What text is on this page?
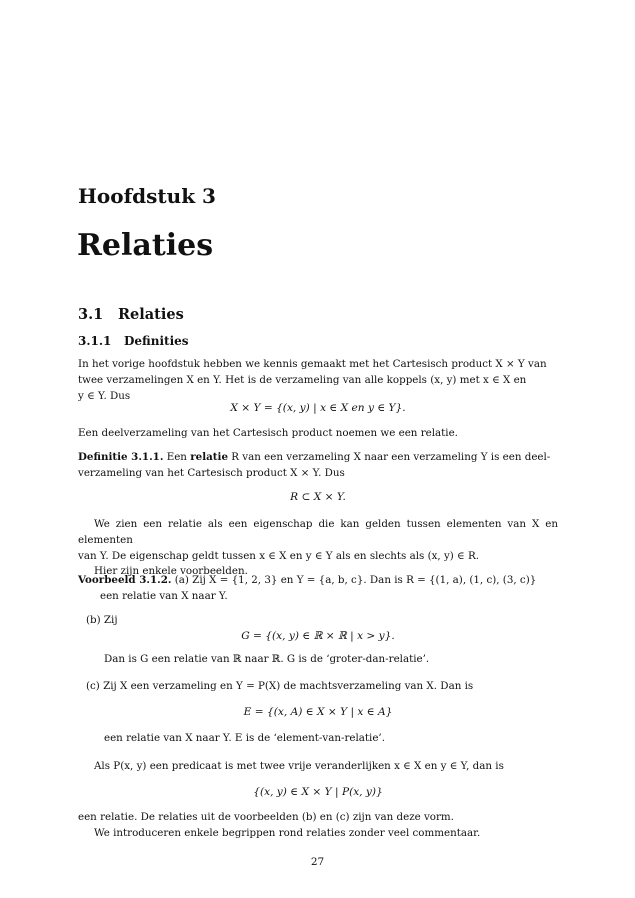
Hoofdstuk 3
Relaties
3.1 Relaties
3.1.1 Definities
In het vorige hoofdstuk hebben we kennis gemaakt met het Cartesisch product X × Y van
twee verzamelingen X en Y. Het is de verzameling van alle koppels (x, y) met x ∈ X en
y ∈ Y. Dus
X × Y = {(x, y) | x ∈ X en y ∈ Y}.
Een deelverzameling van het Cartesisch product noemen we een relatie.
Definitie 3.1.1. Een relatie R van een verzameling X naar een verzameling Y is een deel-
verzameling van het Cartesisch product X × Y. Dus
R ⊂ X × Y.
We zien een relatie als een eigenschap die kan gelden tussen elementen van X en elementen
van Y. De eigenschap geldt tussen x ∈ X en y ∈ Y als en slechts als (x, y) ∈ R.
Hier zijn enkele voorbeelden.
Voorbeeld 3.1.2. (a) Zij X = {1, 2, 3} en Y = {a, b, c}. Dan is R = {(1, a), (1, c), (3, c)}
een relatie van X naar Y.
(b) Zij
G = {(x, y) ∈ ℝ × ℝ | x > y}.
Dan is G een relatie van ℝ naar ℝ. G is de ‘groter-dan-relatie’.
(c) Zij X een verzameling en Y = P(X) de machtsverzameling van X. Dan is
E = {(x, A) ∈ X × Y | x ∈ A}
een relatie van X naar Y. E is de ‘element-van-relatie’.
Als P(x, y) een predicaat is met twee vrije veranderlijken x ∈ X en y ∈ Y, dan is
{(x, y) ∈ X × Y | P(x, y)}
een relatie. De relaties uit de voorbeelden (b) en (c) zijn van deze vorm.
We introduceren enkele begrippen rond relaties zonder veel commentaar.
27
